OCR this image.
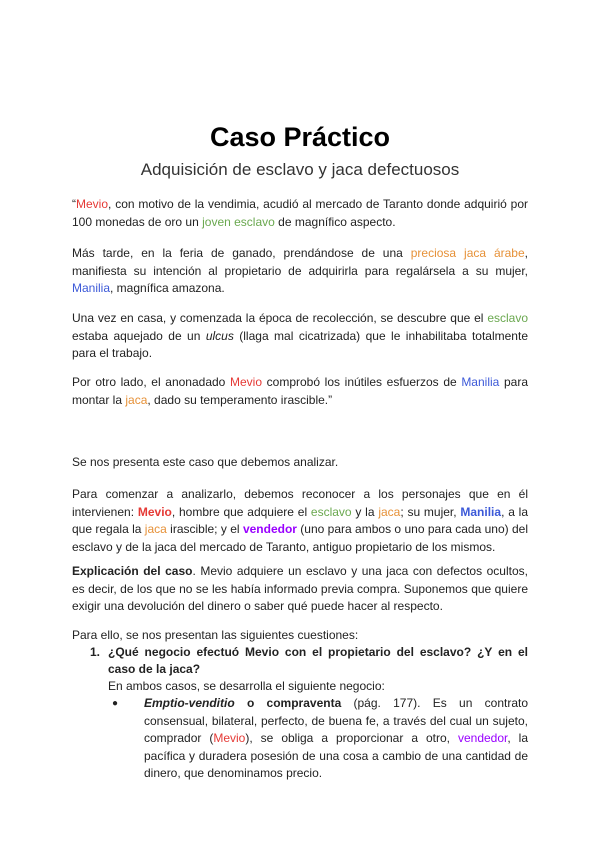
Caso Práctico
Adquisición de esclavo y jaca defectuosos

“Mevio, con motivo de la vendimia, acudió al mercado de Taranto donde adquirió por 100 monedas de oro un joven esclavo de magnífico aspecto.

Más tarde, en la feria de ganado, prendándose de una preciosa jaca árabe, manifiesta su intención al propietario de adquirirla para regalársela a su mujer, Manilia, magnífica amazona.

Una vez en casa, y comenzada la época de recolección, se descubre que el esclavo estaba aquejado de un ulcus (llaga mal cicatrizada) que le inhabilitaba totalmente para el trabajo.

Por otro lado, el anonadado Mevio comprobó los inútiles esfuerzos de Manilia para montar la jaca, dado su temperamento irascible.”

Se nos presenta este caso que debemos analizar.

Para comenzar a analizarlo, debemos reconocer a los personajes que en él intervienen: Mevio, hombre que adquiere el esclavo y la jaca; su mujer, Manilia, a la que regala la jaca irascible; y el vendedor (uno para ambos o uno para cada uno) del esclavo y de la jaca del mercado de Taranto, antiguo propietario de los mismos.

Explicación del caso. Mevio adquiere un esclavo y una jaca con defectos ocultos, es decir, de los que no se les había informado previa compra. Suponemos que quiere exigir una devolución del dinero o saber qué puede hacer al respecto.

Para ello, se nos presentan las siguientes cuestiones:

1. ¿Qué negocio efectuó Mevio con el propietario del esclavo? ¿Y en el caso de la jaca?
En ambos casos, se desarrolla el siguiente negocio:
●	Emptio-venditio o compraventa (pág. 177). Es un contrato consensual, bilateral, perfecto, de buena fe, a través del cual un sujeto, comprador (Mevio), se obliga a proporcionar a otro, vendedor, la pacífica y duradera posesión de una cosa a cambio de una cantidad de dinero, que denominamos precio.
